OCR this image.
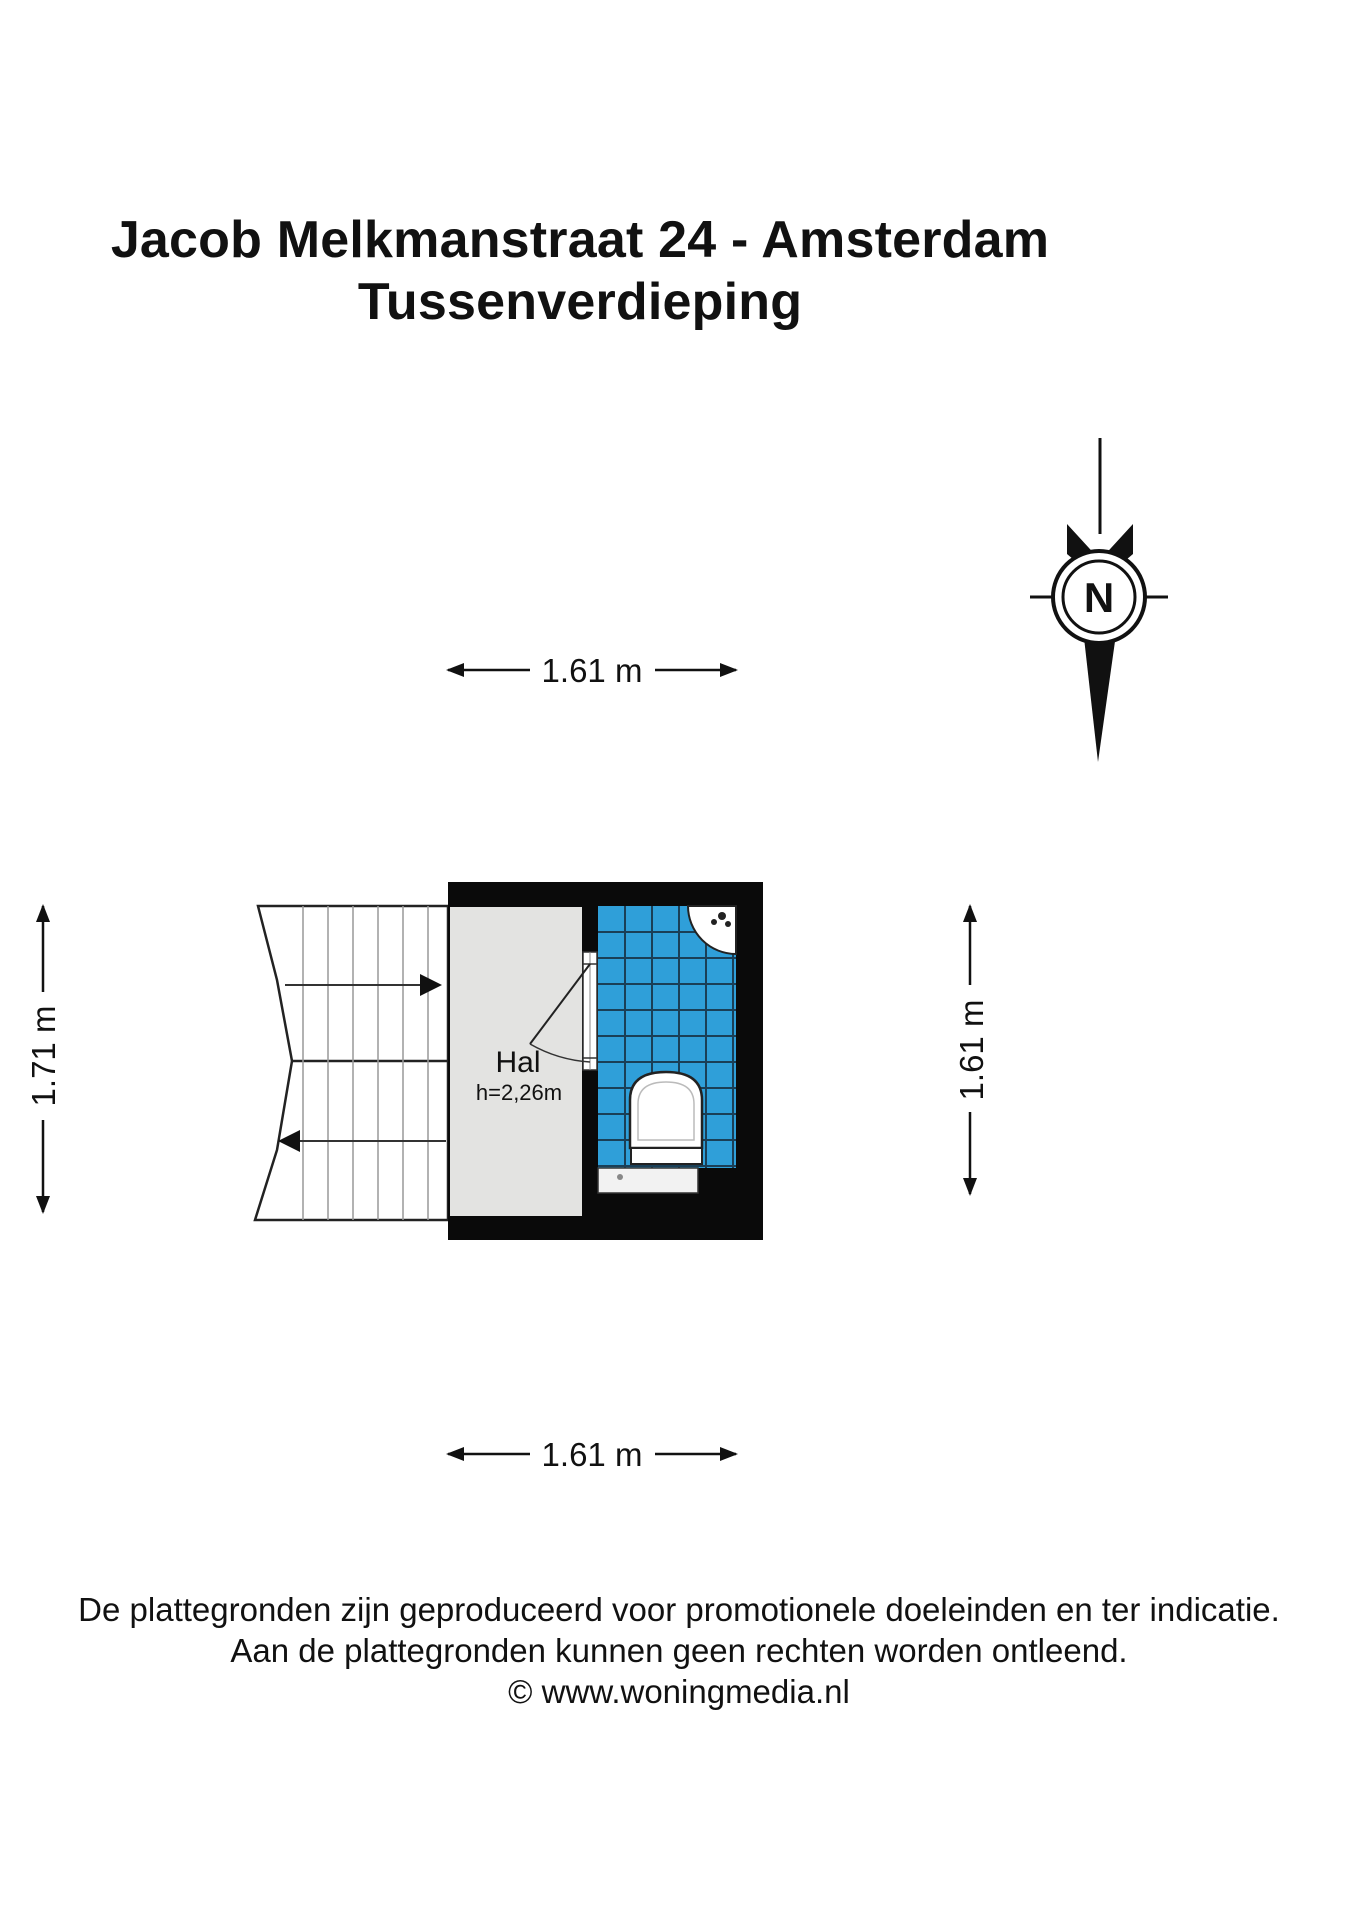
Jacob Melkmanstraat 24 - Amsterdam
Tussenverdieping
N
1.61 m
1.61 m
1.71 m	1.61 m
Hal
h=2,26m
De plattegronden zijn geproduceerd voor promotionele doeleinden en ter indicatie.
Aan de plattegronden kunnen geen rechten worden ontleend.
© www.woningmedia.nl
